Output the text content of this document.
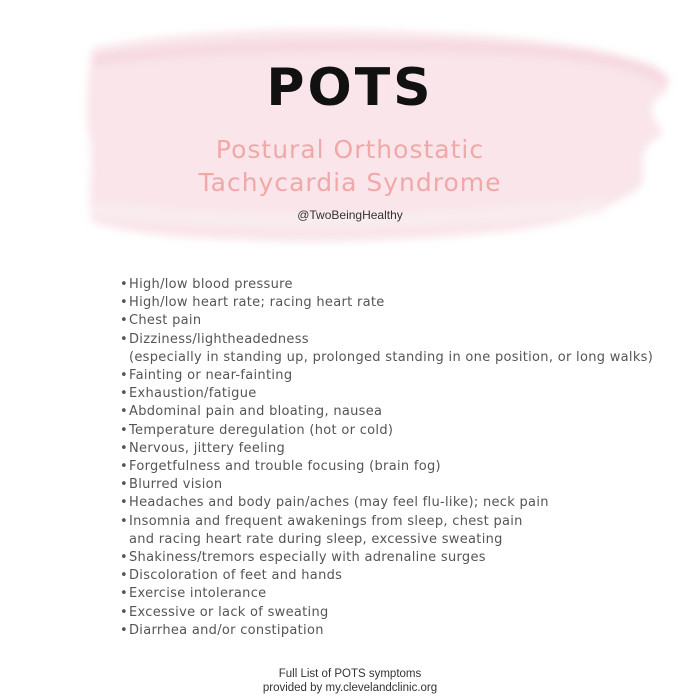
POTS
Postural Orthostatic
Tachycardia Syndrome
@TwoBeingHealthy
•High/low blood pressure
•High/low heart rate; racing heart rate
•Chest pain
•Dizziness/lightheadedness
(especially in standing up, prolonged standing in one position, or long walks)
•Fainting or near-fainting
•Exhaustion/fatigue
•Abdominal pain and bloating, nausea
•Temperature deregulation (hot or cold)
•Nervous, jittery feeling
•Forgetfulness and trouble focusing (brain fog)
•Blurred vision
•Headaches and body pain/aches (may feel flu-like); neck pain
•Insomnia and frequent awakenings from sleep, chest pain
and racing heart rate during sleep, excessive sweating
•Shakiness/tremors especially with adrenaline surges
•Discoloration of feet and hands
•Exercise intolerance
•Excessive or lack of sweating
•Diarrhea and/or constipation
Full List of POTS symptoms
provided by my.clevelandclinic.org
